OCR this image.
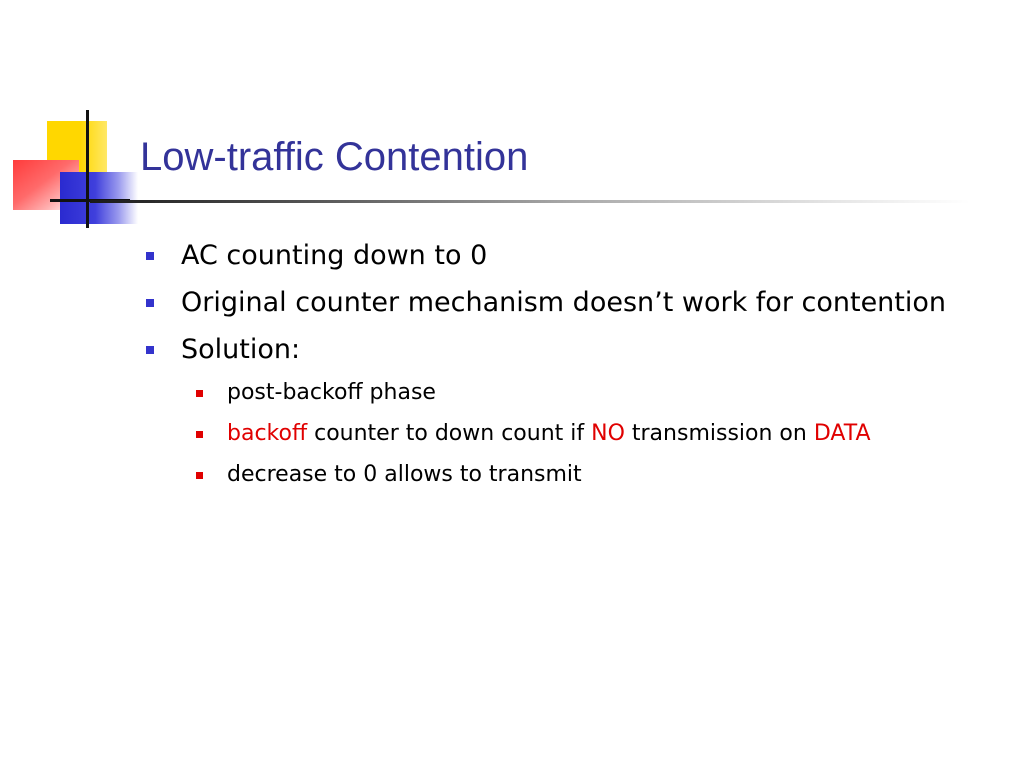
Low-traffic Contention
AC counting down to 0
Original counter mechanism doesn’t work for contention
Solution:
post-backoff phase
backoff counter to down count if NO transmission on DATA
decrease to 0 allows to transmit
